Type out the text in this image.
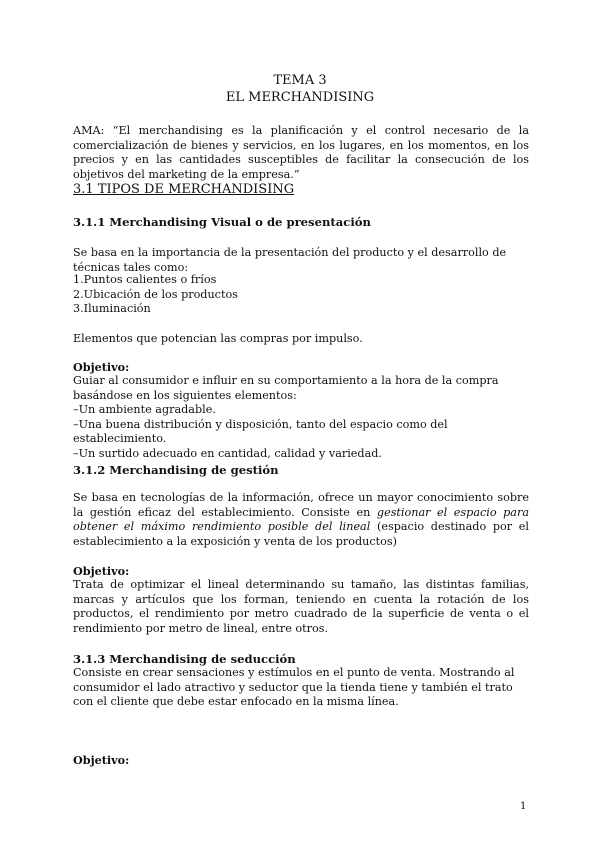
TEMA 3
EL MERCHANDISING

AMA: “El merchandising es la planificación y el control necesario de la comercialización de bienes y servicios, en los lugares, en los momentos, en los precios y en las cantidades susceptibles de facilitar la consecución de los objetivos del marketing de la empresa.”

3.1 TIPOS DE MERCHANDISING
3.1.1 Merchandising Visual o de presentación

Se basa en la importancia de la presentación del producto y el desarrollo de técnicas tales como:

1.Puntos calientes o fríos
2.Ubicación de los productos
3.Iluminación

Elementos que potencian las compras por impulso.

Objetivo:

Guiar al consumidor e influir en su comportamiento a la hora de la compra basándose en los siguientes elementos:

–Un ambiente agradable.
–Una buena distribución y disposición, tanto del espacio como del establecimiento.
–Un surtido adecuado en cantidad, calidad y variedad.
3.1.2 Merchandising de gestión

Se basa en tecnologías de la información, ofrece un mayor conocimiento sobre la gestión eficaz del establecimiento. Consiste en gestionar el espacio para obtener el máximo rendimiento posible del lineal (espacio destinado por el establecimiento a la exposición y venta de los productos)

Objetivo:

Trata de optimizar el lineal determinando su tamaño, las distintas familias, marcas y artículos que los forman, teniendo en cuenta la rotación de los productos, el rendimiento por metro cuadrado de la superficie de venta o el rendimiento por metro de lineal, entre otros.

3.1.3 Merchandising de seducción

Consiste en crear sensaciones y estímulos en el punto de venta. Mostrando al consumidor el lado atractivo y seductor que la tienda tiene y también el trato con el cliente que debe estar enfocado en la misma línea.

Objetivo:
1
